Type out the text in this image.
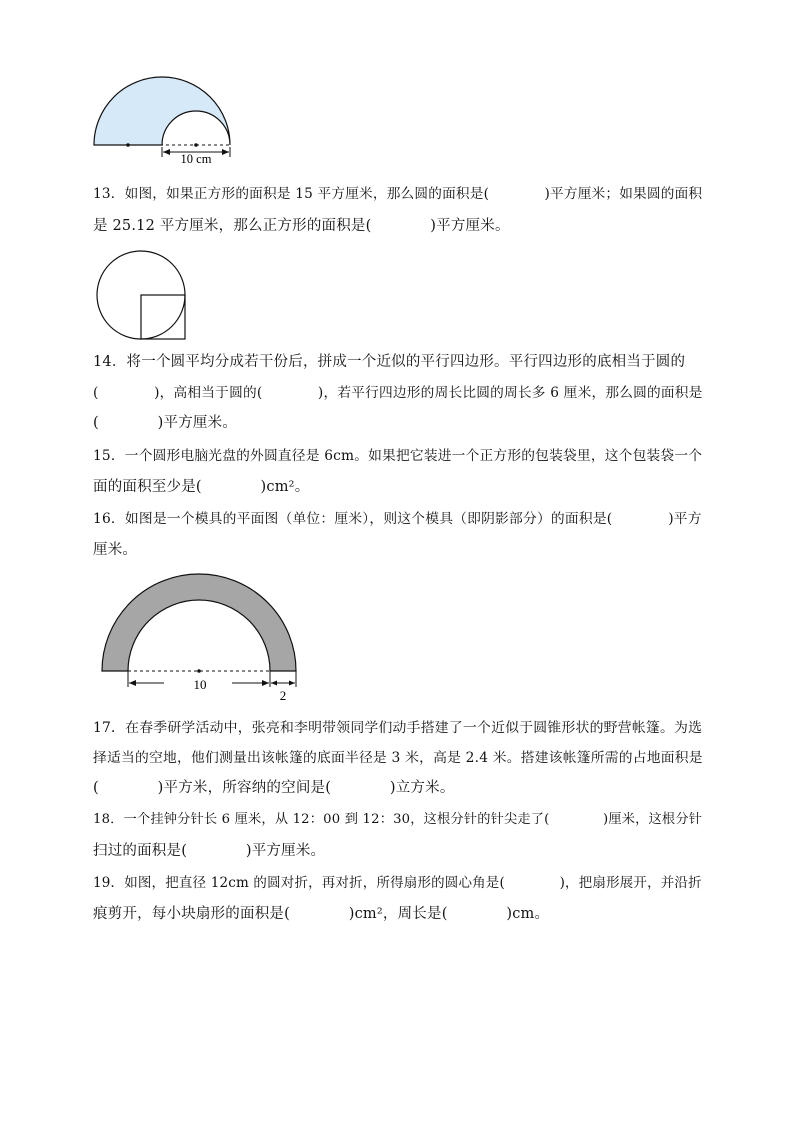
10 cm
13．如图，如果正方形的面积是 15 平方厘米，那么圆的面积是(　　　　)平方厘米；如果圆的面积
是 25.12 平方厘米，那么正方形的面积是(　　　　)平方厘米。
14．将一个圆平均分成若干份后，拼成一个近似的平行四边形。平行四边形的底相当于圆的
(　　　　)，高相当于圆的(　　　　)，若平行四边形的周长比圆的周长多 6 厘米，那么圆的面积是
(　　　　)平方厘米。
15．一个圆形电脑光盘的外圆直径是 6cm。如果把它装进一个正方形的包装袋里，这个包装袋一个
面的面积至少是(　　　　)cm²。
16．如图是一个模具的平面图（单位：厘米），则这个模具（即阴影部分）的面积是(　　　　)平方
厘米。
10
2
17．在春季研学活动中，张亮和李明带领同学们动手搭建了一个近似于圆锥形状的野营帐篷。为选
择适当的空地，他们测量出该帐篷的底面半径是 3 米，高是 2.4 米。搭建该帐篷所需的占地面积是
(　　　　)平方米，所容纳的空间是(　　　　)立方米。
18．一个挂钟分针长 6 厘米，从 12：00 到 12：30，这根分针的针尖走了(　　　　)厘米，这根分针
扫过的面积是(　　　　)平方厘米。
19．如图，把直径 12cm 的圆对折，再对折，所得扇形的圆心角是(　　　　)，把扇形展开，并沿折
痕剪开，每小块扇形的面积是(　　　　)cm²，周长是(　　　　)cm。
